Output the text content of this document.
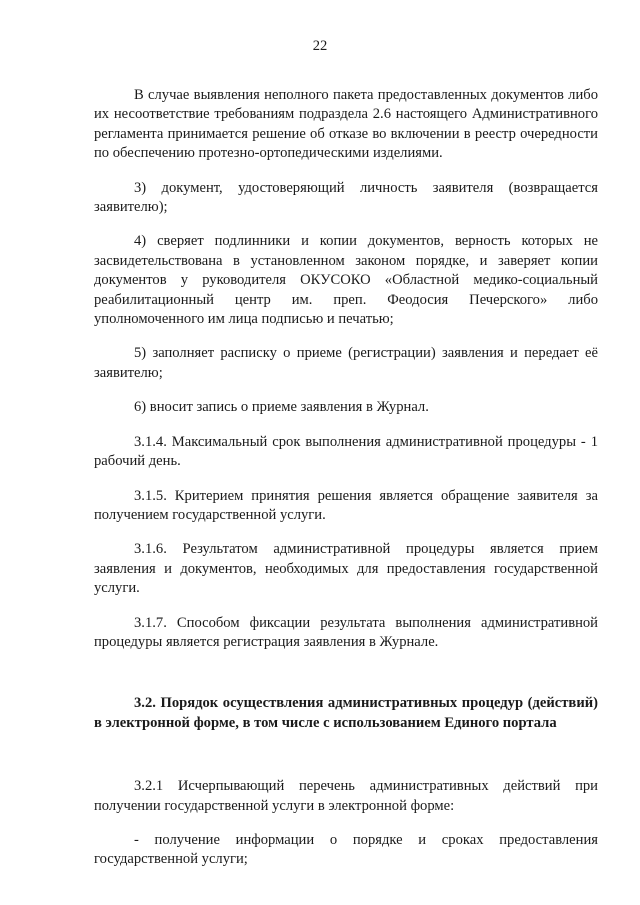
22

В случае выявления неполного пакета предоставленных документов либо их несоответствие требованиям подраздела 2.6 настоящего Административного регламента принимается решение об отказе во включении в реестр очередности по обеспечению протезно-ортопедическими изделиями.

3) документ, удостоверяющий личность заявителя (возвращается заявителю);

4) сверяет подлинники и копии документов, верность которых не засвидетельствована в установленном законом порядке, и заверяет копии документов у руководителя ОКУСОКО «Областной медико-социальный реабилитационный центр им. преп. Феодосия Печерского» либо уполномоченного им лица подписью и печатью;

5) заполняет расписку о приеме (регистрации) заявления и передает её заявителю;

6) вносит запись о приеме заявления в Журнал.

3.1.4. Максимальный срок выполнения административной процедуры - 1 рабочий день.

3.1.5. Критерием принятия решения является обращение заявителя за получением государственной услуги.

3.1.6. Результатом административной процедуры является прием заявления и документов, необходимых для предоставления государственной услуги.

3.1.7. Способом фиксации результата выполнения административной процедуры является регистрация заявления в Журнале.

3.2. Порядок осуществления административных процедур (действий) в электронной форме, в том числе с использованием Единого портала

3.2.1 Исчерпывающий перечень административных действий при получении государственной услуги в электронной форме:

- получение информации о порядке и сроках предоставления государственной услуги;
